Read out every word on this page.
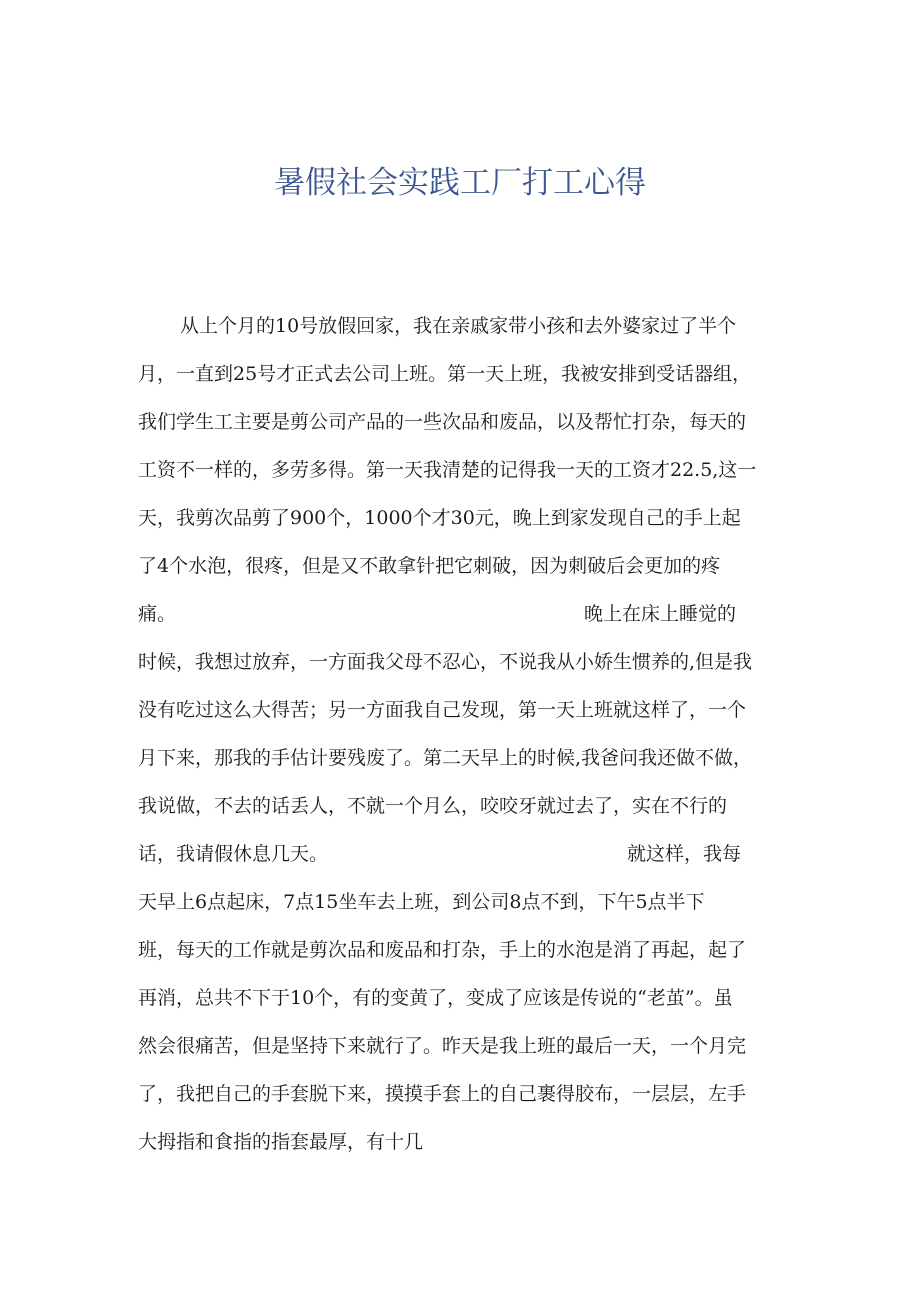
暑假社会实践工厂打工心得
从上个月的10号放假回家，我在亲戚家带小孩和去外婆家过了半个
月，一直到25号才正式去公司上班。第一天上班，我被安排到受话器组，
我们学生工主要是剪公司产品的一些次品和废品，以及帮忙打杂，每天的
工资不一样的，多劳多得。第一天我清楚的记得我一天的工资才22.5,这一
天，我剪次品剪了900个，1000个才30元，晚上到家发现自己的手上起
了4个水泡，很疼，但是又不敢拿针把它刺破，因为刺破后会更加的疼
痛。	晚上在床上睡觉的
时候，我想过放弃，一方面我父母不忍心，不说我从小娇生惯养的,但是我
没有吃过这么大得苦；另一方面我自己发现，第一天上班就这样了，一个
月下来，那我的手估计要残废了。第二天早上的时候,我爸问我还做不做，
我说做，不去的话丢人，不就一个月么，咬咬牙就过去了，实在不行的
话，我请假休息几天。	就这样，我每
天早上6点起床，7点15坐车去上班，到公司8点不到，下午5点半下
班，每天的工作就是剪次品和废品和打杂，手上的水泡是消了再起，起了
再消，总共不下于10个，有的变黄了，变成了应该是传说的“老茧”。虽
然会很痛苦，但是坚持下来就行了。昨天是我上班的最后一天，一个月完
了，我把自己的手套脱下来，摸摸手套上的自己裹得胶布，一层层，左手
大拇指和食指的指套最厚，有十几
